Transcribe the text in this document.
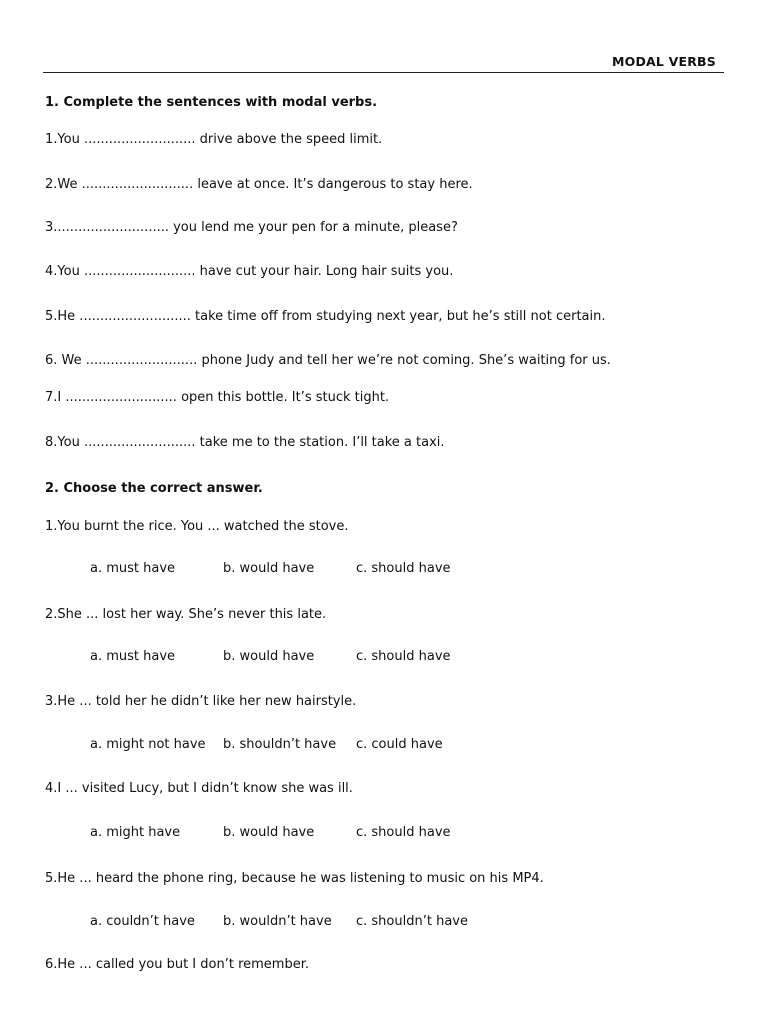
MODAL VERBS
1. Complete the sentences with modal verbs.
1.You ........................... drive above the speed limit.
2.We ........................... leave at once. It’s dangerous to stay here.
3............................ you lend me your pen for a minute, please?
4.You ........................... have cut your hair. Long hair suits you.
5.He ........................... take time off from studying next year, but he’s still not certain.
6. We ........................... phone Judy and tell her we’re not coming. She’s waiting for us.
7.I ........................... open this bottle. It’s stuck tight.
8.You ........................... take me to the station. I’ll take a taxi.
2. Choose the correct answer.
1.You burnt the rice. You ... watched the stove.
a. must have	b. would have	c. should have
2.She ... lost her way. She’s never this late.
a. must have	b. would have	c. should have
3.He ... told her he didn’t like her new hairstyle.
a. might not have b. shouldn’t have c. could have
4.I ... visited Lucy, but I didn’t know she was ill.
a. might have	b. would have	c. should have
5.He ... heard the phone ring, because he was listening to music on his MP4.
a. couldn’t have b. wouldn’t have c. shouldn’t have
6.He ... called you but I don’t remember.
